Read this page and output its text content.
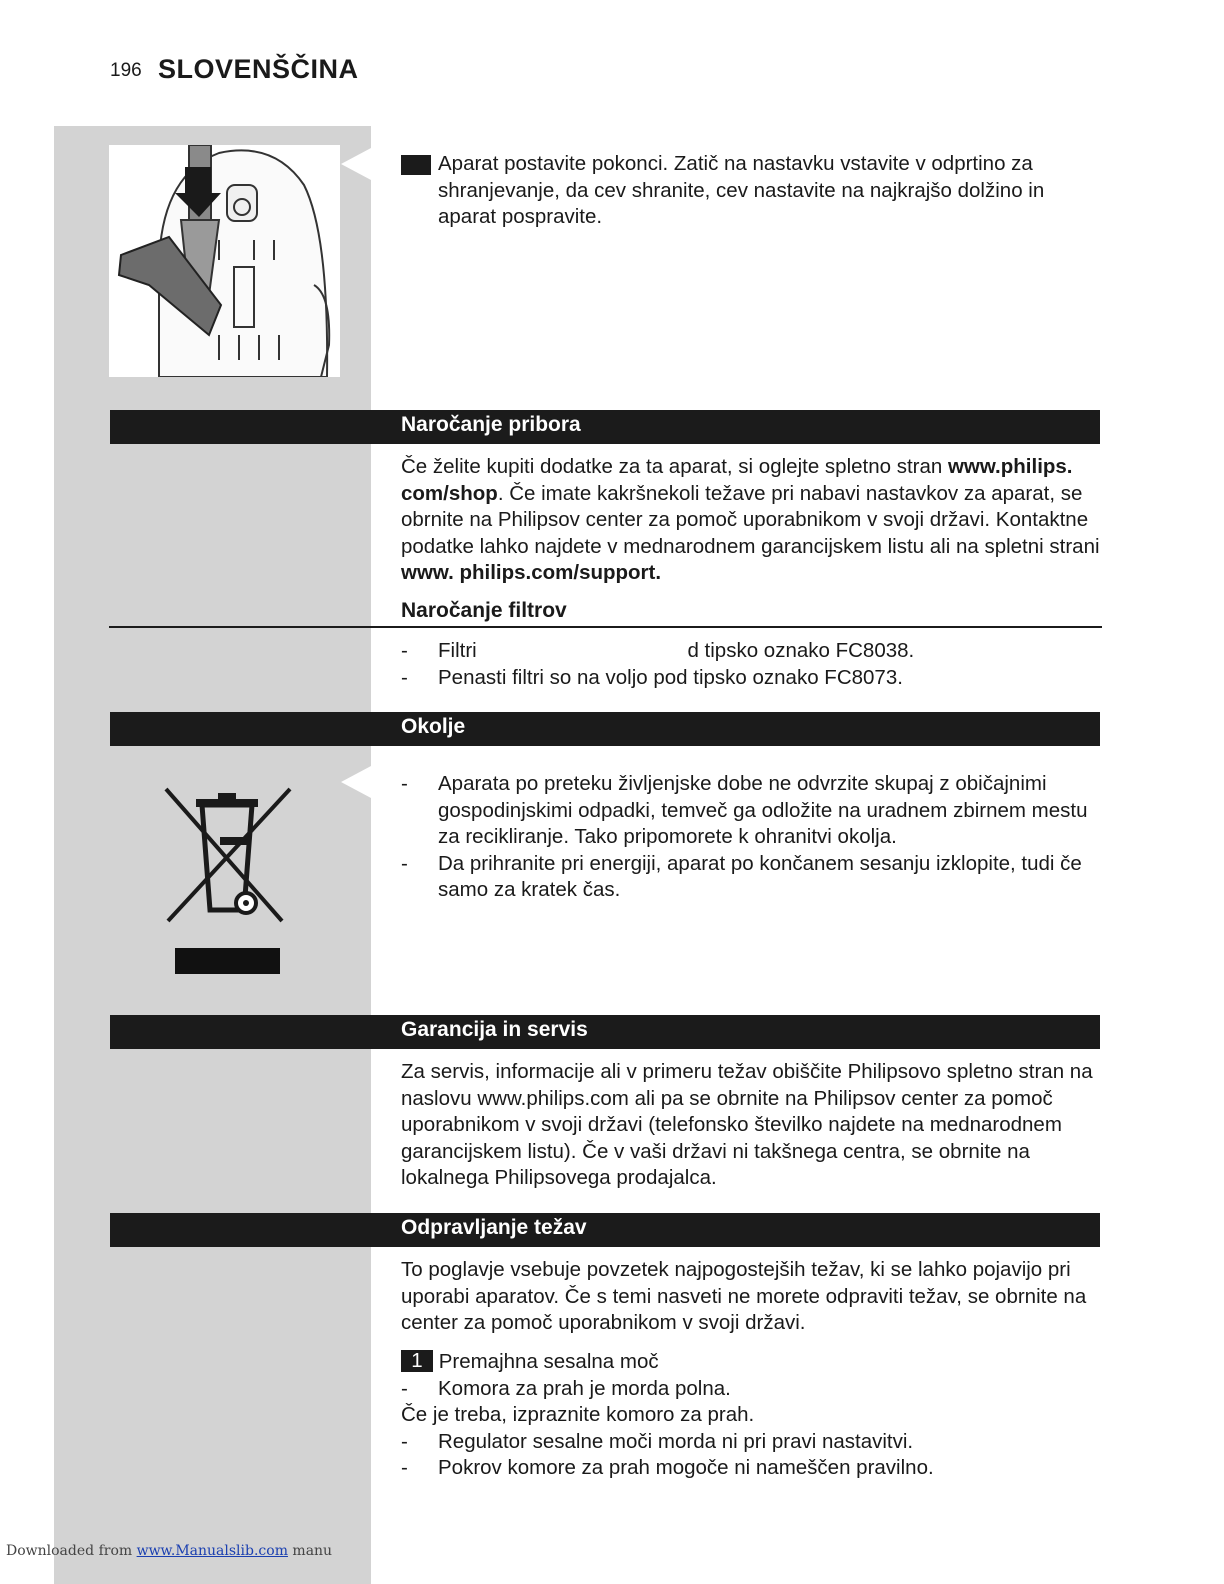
196 SLOVENŠČINA
Aparat postavite pokonci. Zatič na nastavku vstavite v odprtino za shranjevanje, da cev shranite, cev nastavite na najkrajšo dolžino in aparat pospravite.
Naročanje pribora

Če želite kupiti dodatke za ta aparat, si oglejte spletno stran www.philips. com/shop. Če imate kakršnekoli težave pri nabavi nastavkov za aparat, se obrnite na Philipsov center za pomoč uporabnikom v svoji državi. Kontaktne podatke lahko najdete v mednarodnem garancijskem listu ali na spletni strani www. philips.com/support.

Naročanje filtrov
- Filtri                                     d tipsko oznako FC8038.
- Penasti filtri so na voljo pod tipsko oznako FC8073.
Okolje
- Aparata po preteku življenjske dobe ne odvrzite skupaj z običajnimi gospodinjskimi odpadki, temveč ga odložite na uradnem zbirnem mestu za recikliranje. Tako pripomorete k ohranitvi okolja.
- Da prihranite pri energiji, aparat po končanem sesanju izklopite, tudi če samo za kratek čas.
Garancija in servis
Za servis, informacije ali v primeru težav obiščite Philipsovo spletno stran na naslovu www.philips.com ali pa se obrnite na Philipsov center za pomoč uporabnikom v svoji državi (telefonsko številko najdete na mednarodnem garancijskem listu). Če v vaši državi ni takšnega centra, se obrnite na lokalnega Philipsovega prodajalca.
Odpravljanje težav
To poglavje vsebuje povzetek najpogostejših težav, ki se lahko pojavijo pri uporabi aparatov. Če s temi nasveti ne morete odpraviti težav, se obrnite na center za pomoč uporabnikom v svoji državi.
1 Premajhna sesalna moč
- Komora za prah je morda polna.
Če je treba, izpraznite komoro za prah.
- Regulator sesalne moči morda ni pri pravi nastavitvi.
- Pokrov komore za prah mogoče ni nameščen pravilno.
Downloaded from www.Manualslib.com manu
